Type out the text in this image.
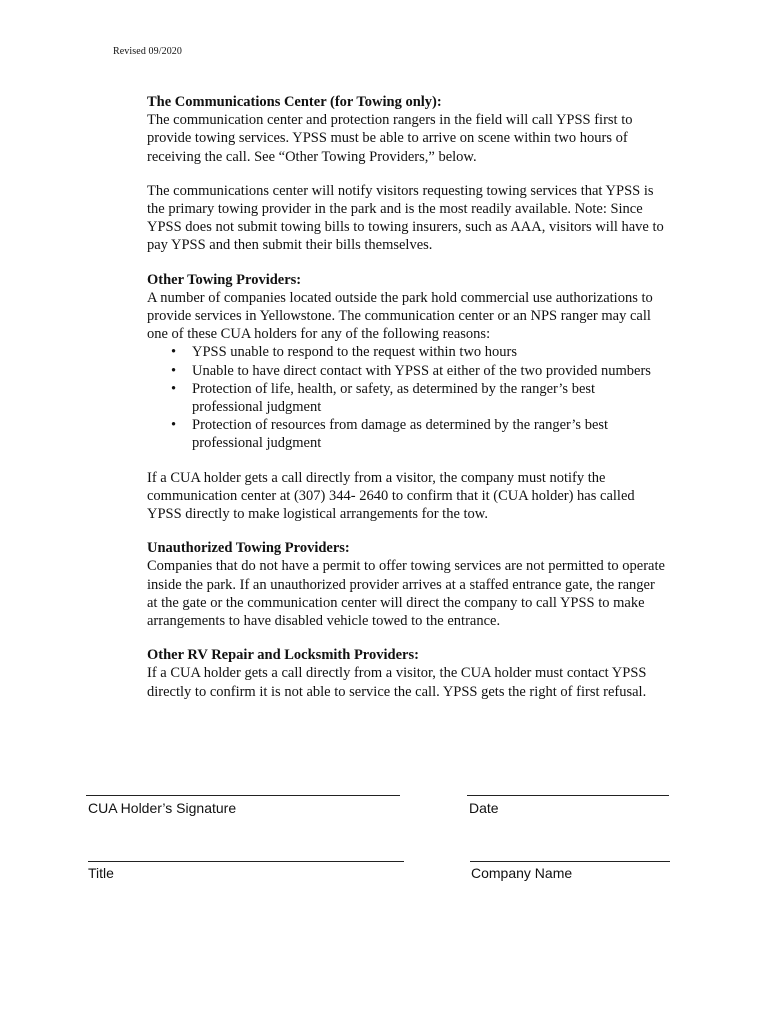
Revised 09/2020
The Communications Center (for Towing only):
The communication center and protection rangers in the field will call YPSS first to provide towing services. YPSS must be able to arrive on scene within two hours of receiving the call. See “Other Towing Providers,” below.
The communications center will notify visitors requesting towing services that YPSS is the primary towing provider in the park and is the most readily available. Note: Since YPSS does not submit towing bills to towing insurers, such as AAA, visitors will have to pay YPSS and then submit their bills themselves.
Other Towing Providers:
A number of companies located outside the park hold commercial use authorizations to provide services in Yellowstone. The communication center or an NPS ranger may call one of these CUA holders for any of the following reasons:
• YPSS unable to respond to the request within two hours
• Unable to have direct contact with YPSS at either of the two provided numbers
• Protection of life, health, or safety, as determined by the ranger’s best professional judgment
• Protection of resources from damage as determined by the ranger’s best professional judgment
If a CUA holder gets a call directly from a visitor, the company must notify the communication center at (307) 344- 2640 to confirm that it (CUA holder) has called YPSS directly to make logistical arrangements for the tow.
Unauthorized Towing Providers:
Companies that do not have a permit to offer towing services are not permitted to operate inside the park. If an unauthorized provider arrives at a staffed entrance gate, the ranger at the gate or the communication center will direct the company to call YPSS to make arrangements to have disabled vehicle towed to the entrance.
Other RV Repair and Locksmith Providers:
If a CUA holder gets a call directly from a visitor, the CUA holder must contact YPSS directly to confirm it is not able to service the call. YPSS gets the right of first refusal.
CUA Holder’s Signature	Date
Title	Company Name
